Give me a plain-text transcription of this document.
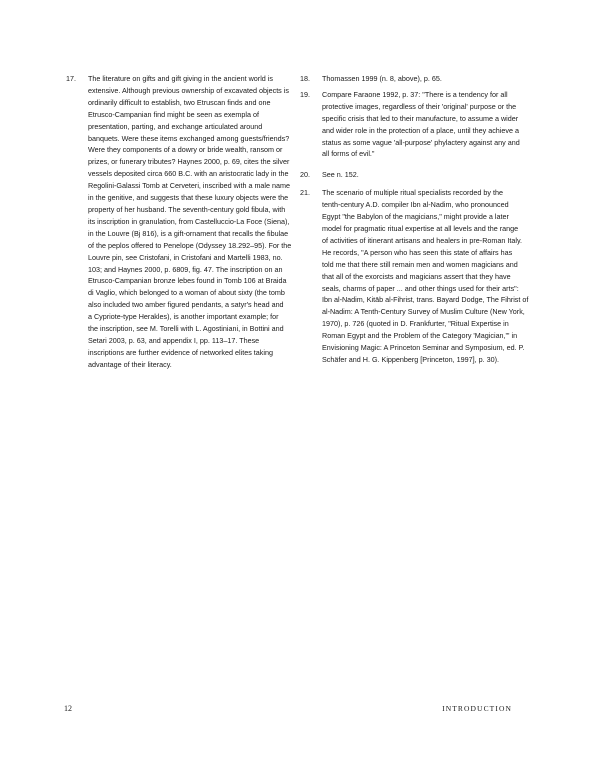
17.	The literature on gifts and gift giving in the ancient world is
extensive. Although previous ownership of excavated objects is
ordinarily difficult to establish, two Etruscan finds and one
Etrusco-Campanian find might be seen as exempla of
presentation, parting, and exchange articulated around
banquets. Were these items exchanged among guests/friends?
Were they components of a dowry or bride wealth, ransom or
prizes, or funerary tributes? Haynes 2000, p. 69, cites the silver
vessels deposited circa 660 B.C. with an aristocratic lady in the
Regolini-Galassi Tomb at Cerveteri, inscribed with a male name
in the genitive, and suggests that these luxury objects were the
property of her husband. The seventh-century gold fibula, with
its inscription in granulation, from Castelluccio-La Foce (Siena),
in the Louvre (Bj 816), is a gift-ornament that recalls the fibulae
of the peplos offered to Penelope (Odyssey 18.292–95). For the
Louvre pin, see Cristofani, in Cristofani and Martelli 1983, no.
103; and Haynes 2000, p. 6809, fig. 47. The inscription on an
Etrusco-Campanian bronze lebes found in Tomb 106 at Braida
di Vaglio, which belonged to a woman of about sixty (the tomb
also included two amber figured pendants, a satyr's head and
a Cypriote-type Herakles), is another important example; for
the inscription, see M. Torelli with L. Agostiniani, in Bottini and
Setari 2003, p. 63, and appendix I, pp. 113–17. These
inscriptions are further evidence of networked elites taking
advantage of their literacy.
18.	Thomassen 1999 (n. 8, above), p. 65.
19.	Compare Faraone 1992, p. 37: "There is a tendency for all
protective images, regardless of their 'original' purpose or the
specific crisis that led to their manufacture, to assume a wider
and wider role in the protection of a place, until they achieve a
status as some vague 'all-purpose' phylactery against any and
all forms of evil."
20.	See n. 152.
21.	The scenario of multiple ritual specialists recorded by the
tenth-century A.D. compiler Ibn al-Nadim, who pronounced
Egypt "the Babylon of the magicians," might provide a later
model for pragmatic ritual expertise at all levels and the range
of activities of itinerant artisans and healers in pre-Roman Italy.
He records, "A person who has seen this state of affairs has
told me that there still remain men and women magicians and
that all of the exorcists and magicians assert that they have
seals, charms of paper ... and other things used for their arts":
Ibn al-Nadim, Kitāb al-Fihrist, trans. Bayard Dodge, The Fihrist of
al-Nadim: A Tenth-Century Survey of Muslim Culture (New York,
1970), p. 726 (quoted in D. Frankfurter, "Ritual Expertise in
Roman Egypt and the Problem of the Category 'Magician,'" in
Envisioning Magic: A Princeton Seminar and Symposium, ed. P.
Schäfer and H. G. Kippenberg [Princeton, 1997], p. 30).
12	INTRODUCTION
